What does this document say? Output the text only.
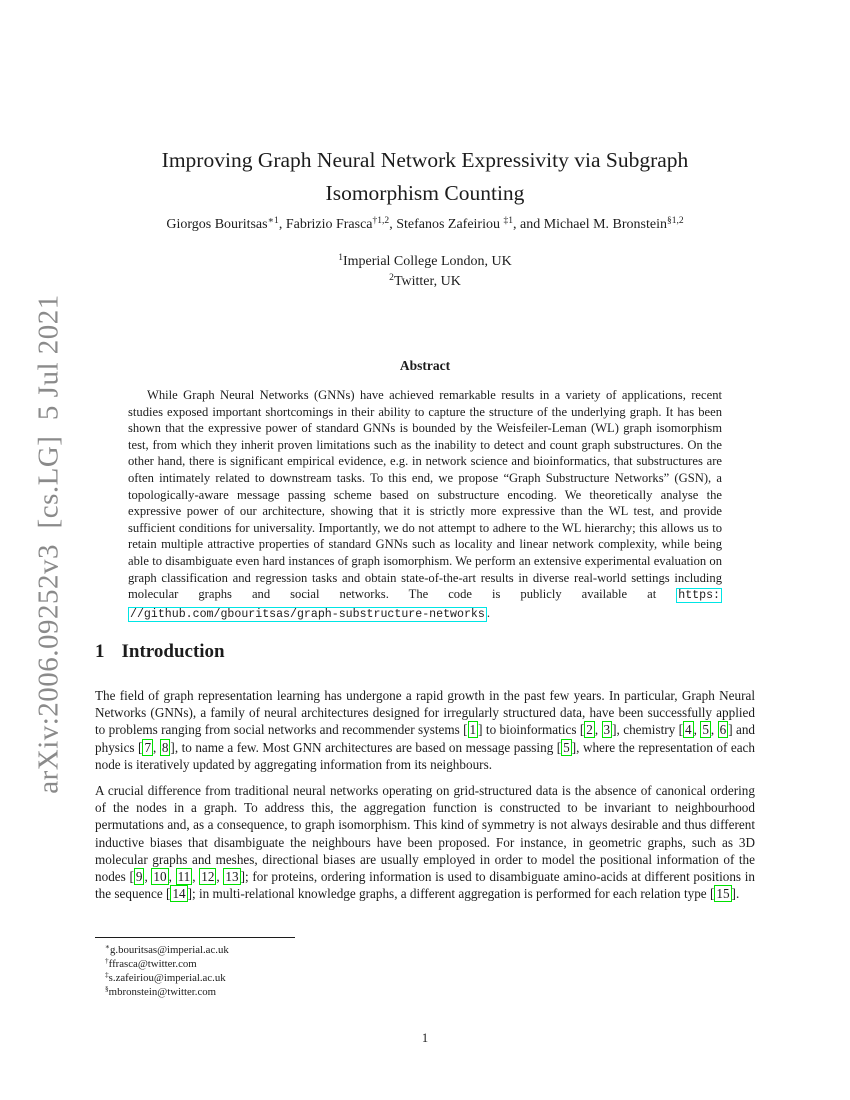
arXiv:2006.09252v3  [cs.LG]  5 Jul 2021
Improving Graph Neural Network Expressivity via Subgraph
Isomorphism Counting
Giorgos Bouritsas$^{∗1}$, Fabrizio Frasca$^{\dagger 1,2}$, Stefanos Zafeiriou $^{\ddagger 1}$, and Michael M. Bronstein$^{\S 1,2}$
$^1$Imperial College London, UK
$^2$Twitter, UK
Abstract
While Graph Neural Networks (GNNs) have achieved remarkable results in a variety of applications, recent studies exposed important shortcomings in their ability to capture the structure of the underlying graph. It has been shown that the expressive power of standard GNNs is bounded by the Weisfeiler-Leman (WL) graph isomorphism test, from which they inherit proven limitations such as the inability to detect and count graph substructures. On the other hand, there is significant empirical evidence, e.g. in network science and bioinformatics, that substructures are often intimately related to downstream tasks. To this end, we propose “Graph Substructure Networks” (GSN), a topologically-aware message passing scheme based on substructure encoding. We theoretically analyse the expressive power of our architecture, showing that it is strictly more expressive than the WL test, and provide sufficient conditions for universality. Importantly, we do not attempt to adhere to the WL hierarchy; this allows us to retain multiple attractive properties of standard GNNs such as locality and linear network complexity, while being able to disambiguate even hard instances of graph isomorphism. We perform an extensive experimental evaluation on graph classification and regression tasks and obtain state-of-the-art results in diverse real-world settings including molecular graphs and social networks. The code is publicly available at https://github.com/gbouritsas/graph-substructure-networks .
1 Introduction
The field of graph representation learning has undergone a rapid growth in the past few years. In particular, Graph Neural Networks (GNNs), a family of neural architectures designed for irregularly structured data, have been successfully applied to problems ranging from social networks and recommender systems [ 1 ] to bioinformatics [ 2 , 3 ], chemistry [ 4 , 5 , 6 ] and physics [ 7 , 8 ], to name a few. Most GNN architectures are based on message passing [ 5 ], where the representation of each node is iteratively updated by aggregating information from its neighbours.
A crucial difference from traditional neural networks operating on grid-structured data is the absence of canonical ordering of the nodes in a graph. To address this, the aggregation function is constructed to be invariant to neighbourhood permutations and, as a consequence, to graph isomorphism. This kind of symmetry is not always desirable and thus different inductive biases that disambiguate the neighbours have been proposed. For instance, in geometric graphs, such as 3D molecular graphs and meshes, directional biases are usually employed in order to model the positional information of the nodes [ 9 , 10 , 11 , 12 , 13 ]; for proteins, ordering information is used to disambiguate amino-acids at different positions in the sequence [ 14 ]; in multi-relational knowledge graphs, a different aggregation is performed for each relation type [ 15 ].
∗g.bouritsas@imperial.ac.uk
†ffrasca@twitter.com
‡s.zafeiriou@imperial.ac.uk
§mbronstein@twitter.com
1
